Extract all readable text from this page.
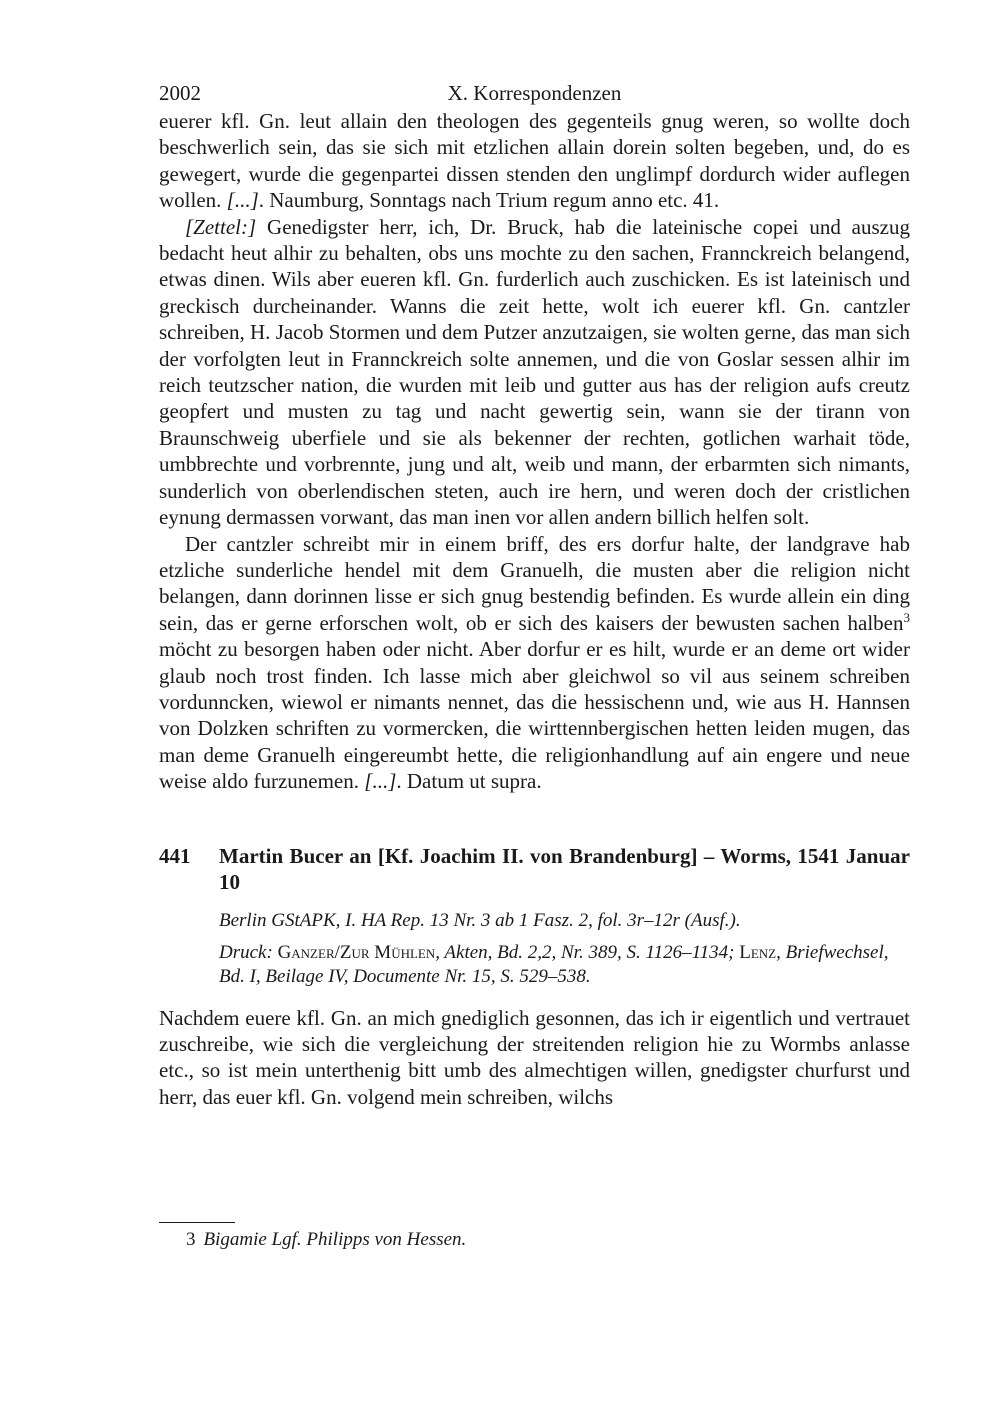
2002	X. Korrespondenzen

euerer kfl. Gn. leut allain den theologen des gegenteils gnug weren, so wollte doch beschwerlich sein, das sie sich mit etzlichen allain dorein solten begeben, und, do es gewegert, wurde die gegenpartei dissen stenden den unglimpf dordurch wider auflegen wollen. [...]. Naumburg, Sonntags nach Trium regum anno etc. 41.

[Zettel:] Genedigster herr, ich, Dr. Bruck, hab die lateinische copei und auszug bedacht heut alhir zu behalten, obs uns mochte zu den sachen, Frannckreich belangend, etwas dinen. Wils aber eueren kfl. Gn. furderlich auch zuschicken. Es ist lateinisch und greckisch durcheinander. Wanns die zeit hette, wolt ich euerer kfl. Gn. cantzler schreiben, H. Jacob Stormen und dem Putzer anzutzaigen, sie wolten gerne, das man sich der vorfolgten leut in Frannckreich solte annemen, und die von Goslar sessen alhir im reich teutzscher nation, die wurden mit leib und gutter aus has der religion aufs creutz geopfert und musten zu tag und nacht gewertig sein, wann sie der tirann von Braunschweig uberfiele und sie als bekenner der rechten, gotlichen warhait töde, umbbrechte und vorbrennte, jung und alt, weib und mann, der erbarmten sich nimants, sunderlich von oberlendischen steten, auch ire hern, und weren doch der cristlichen eynung dermassen vorwant, das man inen vor allen andern billich helfen solt.

Der cantzler schreibt mir in einem briff, des ers dorfur halte, der landgrave hab etzliche sunderliche hendel mit dem Granuelh, die musten aber die religion nicht belangen, dann dorinnen lisse er sich gnug bestendig befinden. Es wurde allein ein ding sein, das er gerne erforschen wolt, ob er sich des kaisers der bewusten sachen halben$^3$ möcht zu besorgen haben oder nicht. Aber dorfur er es hilt, wurde er an deme ort wider glaub noch trost finden. Ich lasse mich aber gleichwol so vil aus seinem schreiben vordunncken, wiewol er nimants nennet, das die hessischenn und, wie aus H. Hannsen von Dolzken schriften zu vormercken, die wirttennbergischen hetten leiden mugen, das man deme Granuelh eingereumbt hette, die religionhandlung auf ain engere und neue weise aldo furzunemen. [...]. Datum ut supra.

441	Martin Bucer an [Kf. Joachim II. von Brandenburg] – Worms, 1541 Januar 10

Berlin GStAPK, I. HA Rep. 13 Nr. 3 ab 1 Fasz. 2, fol. 3r–12r (Ausf.).

Druck: Ganzer/Zur Mühlen, Akten, Bd. 2,2, Nr. 389, S. 1126–1134; Lenz, Briefwechsel, Bd. I, Beilage IV, Documente Nr. 15, S. 529–538.

Nachdem euere kfl. Gn. an mich gnediglich gesonnen, das ich ir eigentlich und vertrauet zuschreibe, wie sich die vergleichung der streitenden religion hie zu Wormbs anlasse etc., so ist mein unterthenig bitt umb des almechtigen willen, gnedigster churfurst und herr, das euer kfl. Gn. volgend mein schreiben, wilchs

3 Bigamie Lgf. Philipps von Hessen.
